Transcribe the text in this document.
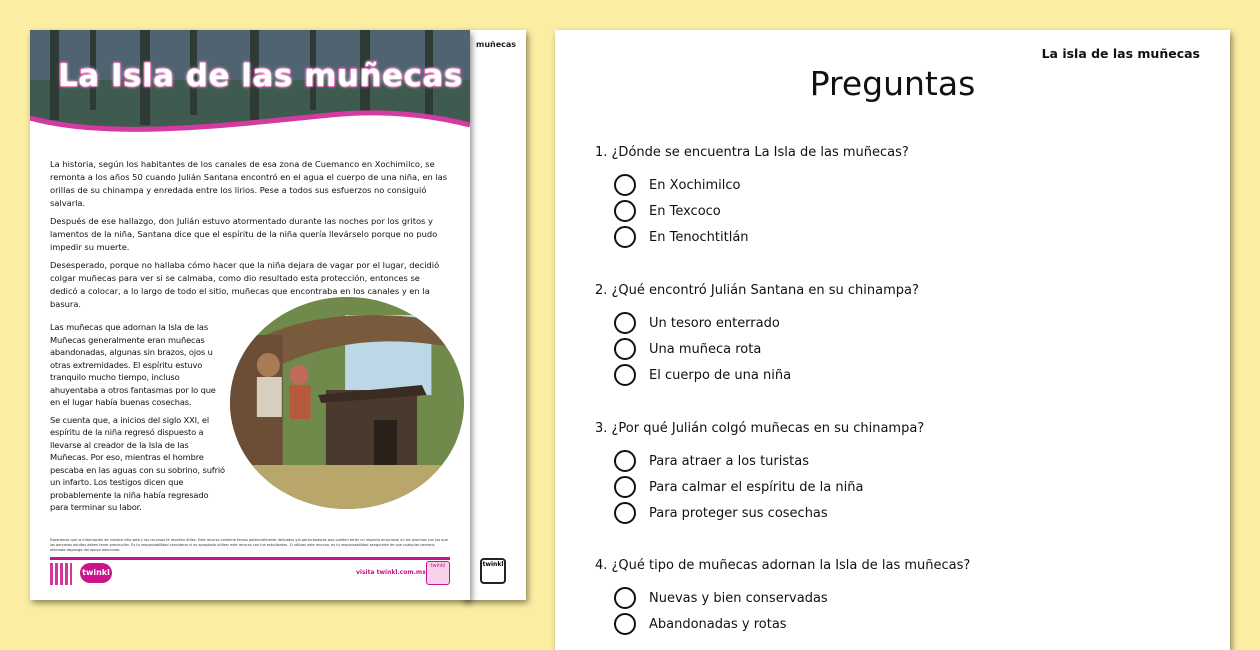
muñecas
twinkl
La Isla de las muñecas

La historia, según los habitantes de los canales de esa zona de Cuemanco en Xochimilco, se remonta a los años 50 cuando Julián Santana encontró en el agua el cuerpo de una niña, en las orillas de su chinampa y enredada entre los lirios. Pese a todos sus esfuerzos no consiguió salvarla.

Después de ese hallazgo, don Julián estuvo atormentado durante las noches por los gritos y lamentos de la niña, Santana dice que el espíritu de la niña quería llevárselo porque no pudo impedir su muerte.

Desesperado, porque no hallaba cómo hacer que la niña dejara de vagar por el lugar, decidió colgar muñecas para ver si se calmaba, como dio resultado esta protección, entonces se dedicó a colocar, a lo largo de todo el sitio, muñecas que encontraba en los canales y en la basura.

Las muñecas que adornan la Isla de las Muñecas generalmente eran muñecas abandonadas, algunas sin brazos, ojos u otras extremidades. El espíritu estuvo tranquilo mucho tiempo, incluso ahuyentaba a otros fantasmas por lo que en el lugar había buenas cosechas.

Se cuenta que, a inicios del siglo XXI, el espíritu de la niña regresó dispuesto a llevarse al creador de la Isla de las Muñecas. Por eso, mientras el hombre pescaba en las aguas con su sobrino, sufrió un infarto. Los testigos dicen que probablemente la niña había regresado para terminar su labor.

Esperamos que la información de nuestro sitio web y los recursos te resulten útiles. Este recurso contiene temas potencialmente delicados y/o perturbadores que pueden tener un impacto emocional en los alumnos con los que las personas adultas deben tener precaución. Es tu responsabilidad considerar si es apropiado utilizar este recurso con tus estudiantes. Si utilizas este recurso, es tu responsabilidad asegurarte de que cualquier persona afectada disponga del apoyo adecuado.
twinkl	visita twinkl.com.mx
twinkl
La isla de las muñecas
Preguntas
1. ¿Dónde se encuentra La Isla de las muñecas?
En Xochimilco
En Texcoco
En Tenochtitlán
2. ¿Qué encontró Julián Santana en su chinampa?
Un tesoro enterrado
Una muñeca rota
El cuerpo de una niña
3. ¿Por qué Julián colgó muñecas en su chinampa?
Para atraer a los turistas
Para calmar el espíritu de la niña
Para proteger sus cosechas
4. ¿Qué tipo de muñecas adornan la Isla de las muñecas?
Nuevas y bien conservadas
Abandonadas y rotas
